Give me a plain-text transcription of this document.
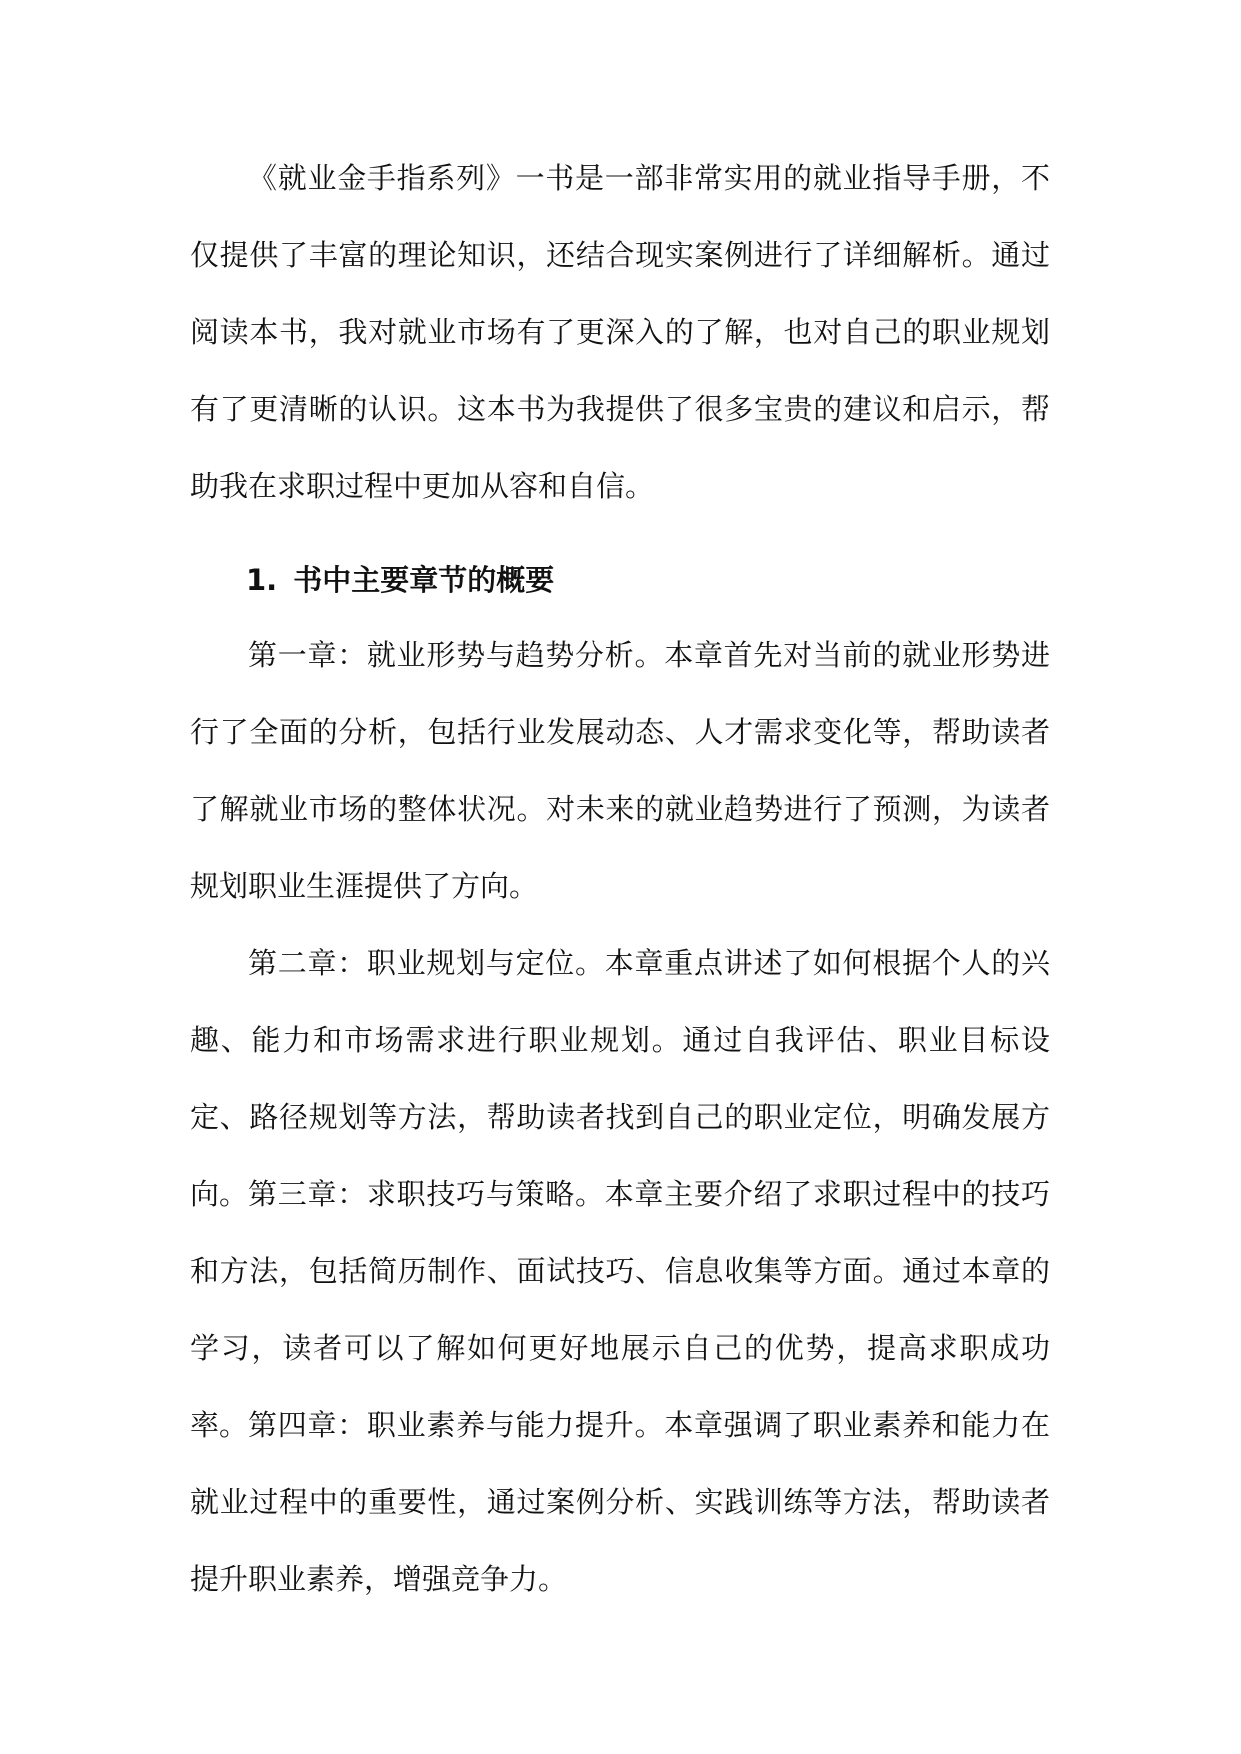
《就业金手指系列》一书是一部非常实用的就业指导手册，不仅提供了丰富的理论知识，还结合现实案例进行了详细解析。通过阅读本书，我对就业市场有了更深入的了解，也对自己的职业规划有了更清晰的认识。这本书为我提供了很多宝贵的建议和启示，帮助我在求职过程中更加从容和自信。

1. 书中主要章节的概要

第一章：就业形势与趋势分析。本章首先对当前的就业形势进行了全面的分析，包括行业发展动态、人才需求变化等，帮助读者了解就业市场的整体状况。对未来的就业趋势进行了预测，为读者规划职业生涯提供了方向。

第二章：职业规划与定位。本章重点讲述了如何根据个人的兴趣、能力和市场需求进行职业规划。通过自我评估、职业目标设定、路径规划等方法，帮助读者找到自己的职业定位，明确发展方向。 第三章：求职技巧与策略。本章主要介绍了求职过程中的技巧和方法，包括简历制作、面试技巧、信息收集等方面。通过本章的学习，读者可以了解如何更好地展示自己的优势，提高求职成功率。 第四章：职业素养与能力提升。本章强调了职业素养和能力在就业过程中的重要性，通过案例分析、实践训练等方法，帮助读者提升职业素养，增强竞争力。
